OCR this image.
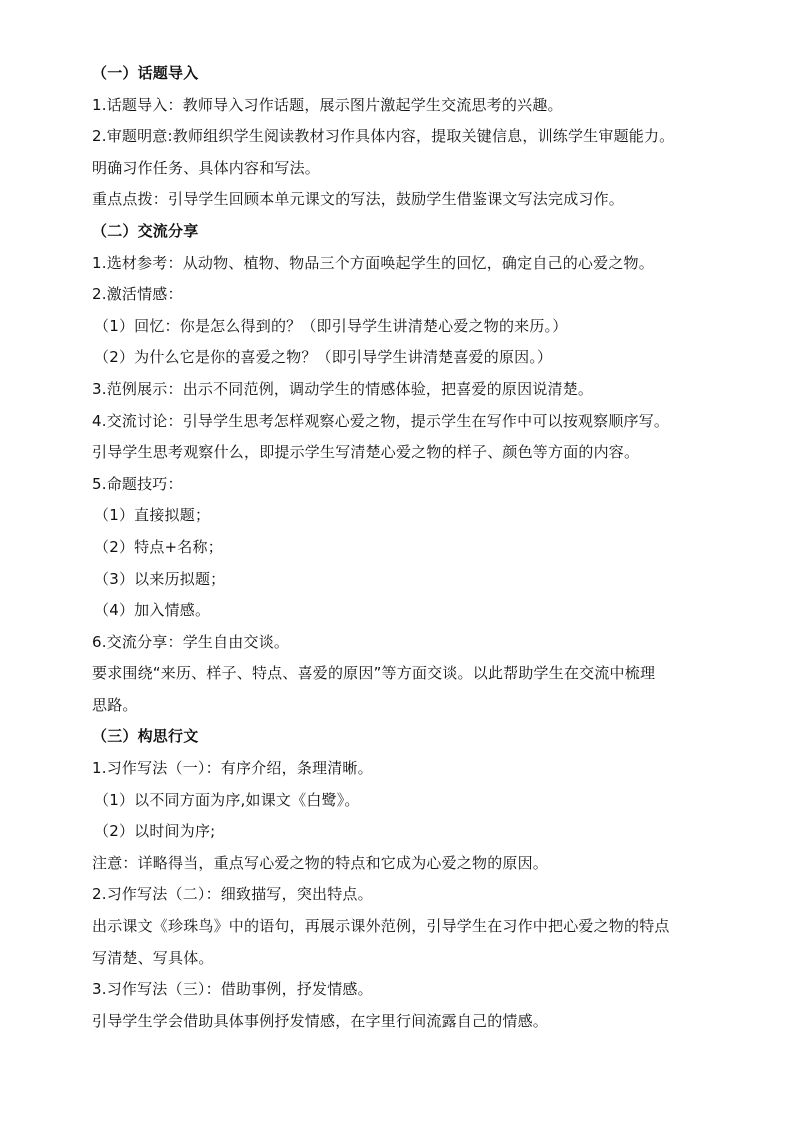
（一）话题导入
1.话题导入：教师导入习作话题，展示图片激起学生交流思考的兴趣。
2.审题明意:教师组织学生阅读教材习作具体内容，提取关键信息，训练学生审题能力。
明确习作任务、具体内容和写法。
重点点拨：引导学生回顾本单元课文的写法，鼓励学生借鉴课文写法完成习作。
（二）交流分享
1.选材参考：从动物、植物、物品三个方面唤起学生的回忆，确定自己的心爱之物。
2.激活情感：
（1）回忆：你是怎么得到的？（即引导学生讲清楚心爱之物的来历。）
（2）为什么它是你的喜爱之物？（即引导学生讲清楚喜爱的原因。）
3.范例展示：出示不同范例，调动学生的情感体验，把喜爱的原因说清楚。
4.交流讨论：引导学生思考怎样观察心爱之物，提示学生在写作中可以按观察顺序写。
引导学生思考观察什么，即提示学生写清楚心爱之物的样子、颜色等方面的内容。
5.命题技巧：
（1）直接拟题；
（2）特点+名称；
（3）以来历拟题；
（4）加入情感。
6.交流分享：学生自由交谈。
要求围绕“来历、样子、特点、喜爱的原因”等方面交谈。以此帮助学生在交流中梳理
思路。
（三）构思行文
1.习作写法（一）：有序介绍，条理清晰。
（1）以不同方面为序,如课文《白鹭》。
（2）以时间为序;
注意：详略得当，重点写心爱之物的特点和它成为心爱之物的原因。
2.习作写法（二）：细致描写，突出特点。
出示课文《珍珠鸟》中的语句，再展示课外范例，引导学生在习作中把心爱之物的特点
写清楚、写具体。
3.习作写法（三）：借助事例，抒发情感。
引导学生学会借助具体事例抒发情感，在字里行间流露自己的情感。
